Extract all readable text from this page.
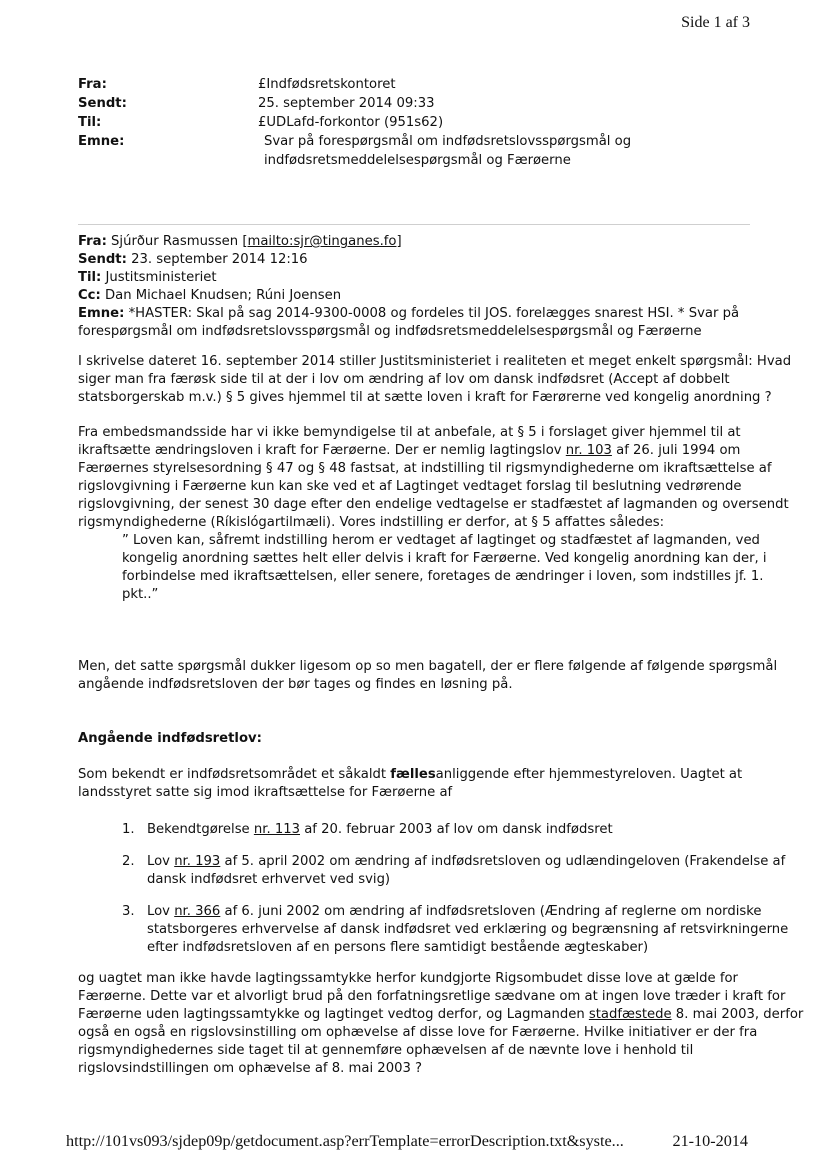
Side 1 af 3
Fra:	£Indfødsretskontoret
Sendt:	25. september 2014 09:33
Til:	£UDLafd-forkontor (951s62)
Emne:	Svar på forespørgsmål om indfødsretslovsspørgsmål og
indfødsretsmeddelelsespørgsmål og Færøerne
Fra: Sjúrður Rasmussen [mailto:sjr@tinganes.fo]
Sendt: 23. september 2014 12:16
Til: Justitsministeriet
Cc: Dan Michael Knudsen; Rúni Joensen
Emne: *HASTER: Skal på sag 2014-9300-0008 og fordeles til JOS. forelægges snarest HSI. * Svar på
forespørgsmål om indfødsretslovsspørgsmål og indfødsretsmeddelelsespørgsmål og Færøerne
I skrivelse dateret 16. september 2014 stiller Justitsministeriet i realiteten et meget enkelt spørgsmål: Hvad
siger man fra færøsk side til at der i lov om ændring af lov om dansk indfødsret (Accept af dobbelt
statsborgerskab m.v.) § 5 gives hjemmel til at sætte loven i kraft for Færørerne ved kongelig anordning ?
Fra embedsmandsside har vi ikke bemyndigelse til at anbefale, at § 5 i forslaget giver hjemmel til at
ikraftsætte ændringsloven i kraft for Færøerne. Der er nemlig lagtingslov nr. 103 af 26. juli 1994 om
Færøernes styrelsesordning § 47 og § 48 fastsat, at indstilling til rigsmyndighederne om ikraftsættelse af
rigslovgivning i Færøerne kun kan ske ved et af Lagtinget vedtaget forslag til beslutning vedrørende
rigslovgivning, der senest 30 dage efter den endelige vedtagelse er stadfæstet af lagmanden og oversendt
rigsmyndighederne (Ríkislógartilmæli). Vores indstilling er derfor, at § 5 affattes således:
” Loven kan, såfremt indstilling herom er vedtaget af lagtinget og stadfæstet af lagmanden, ved
kongelig anordning sættes helt eller delvis i kraft for Færøerne. Ved kongelig anordning kan der, i
forbindelse med ikraftsættelsen, eller senere, foretages de ændringer i loven, som indstilles jf. 1.
pkt..”
Men, det satte spørgsmål dukker ligesom op so men bagatell, der er flere følgende af følgende spørgsmål
angående indfødsretsloven der bør tages og findes en løsning på.
Angående indfødsretlov:
Som bekendt er indfødsretsområdet et såkaldt fællesanliggende efter hjemmestyreloven. Uagtet at
landsstyret satte sig imod ikraftsættelse for Færøerne af
1. Bekendtgørelse nr. 113 af 20. februar 2003 af lov om dansk indfødsret
2. Lov nr. 193 af 5. april 2002 om ændring af indfødsretsloven og udlændingeloven (Frakendelse af
dansk indfødsret erhvervet ved svig)
3. Lov nr. 366 af 6. juni 2002 om ændring af indfødsretsloven (Ændring af reglerne om nordiske
statsborgeres erhvervelse af dansk indfødsret ved erklæring og begrænsning af retsvirkningerne
efter indfødsretsloven af en persons flere samtidigt bestående ægteskaber)
og uagtet man ikke havde lagtingssamtykke herfor kundgjorte Rigsombudet disse love at gælde for
Færøerne. Dette var et alvorligt brud på den forfatningsretlige sædvane om at ingen love træder i kraft for
Færøerne uden lagtingssamtykke og lagtinget vedtog derfor, og Lagmanden stadfæstede 8. mai 2003, derfor
også en også en rigslovsinstilling om ophævelse af disse love for Færøerne. Hvilke initiativer er der fra
rigsmyndighedernes side taget til at gennemføre ophævelsen af de nævnte love i henhold til
rigslovsindstillingen om ophævelse af 8. mai 2003 ?
http://101vs093/sjdep09p/getdocument.asp?errTemplate=errorDescription.txt&syste...	21-10-2014
